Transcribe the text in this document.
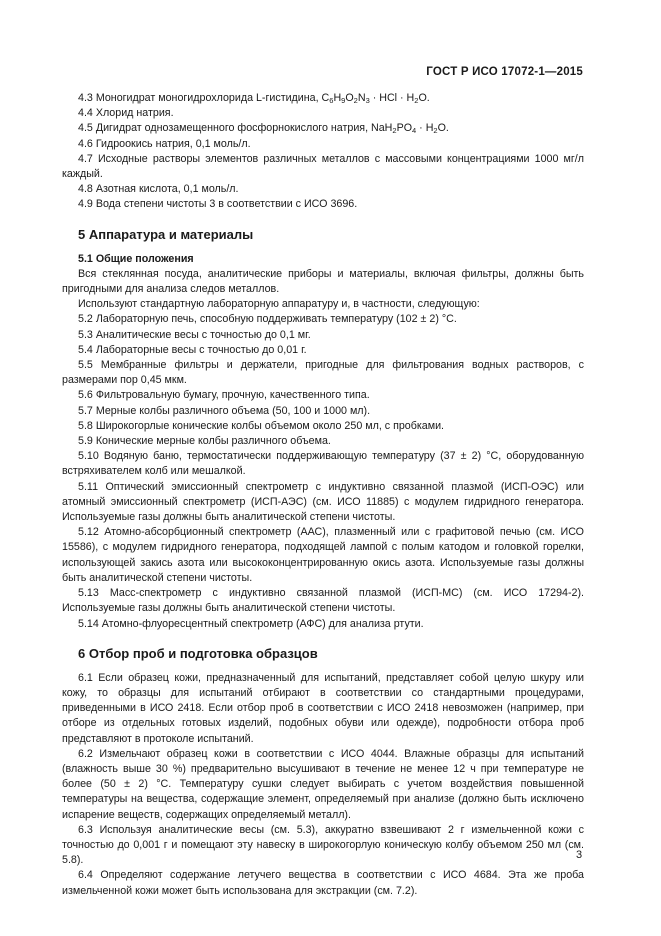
ГОСТ Р ИСО 17072-1—2015

4.3 Моногидрат моногидрохлорида L-гистидина, $C_6H_9O_2N_3$ · HCl · $H_2O$.

4.4 Хлорид натрия.

4.5 Дигидрат однозамещенного фосфорнокислого натрия, $NaH_2PO_4 \cdot H_2O$.

4.6 Гидроокись натрия, 0,1 моль/л.

4.7 Исходные растворы элементов различных металлов с массовыми концентрациями 1000 мг/л каждый.

4.8 Азотная кислота, 0,1 моль/л.

4.9 Вода степени чистоты 3 в соответствии с ИСО 3696.

5 Аппаратура и материалы

5.1 Общие положения

Вся стеклянная посуда, аналитические приборы и материалы, включая фильтры, должны быть пригодными для анализа следов металлов.

Используют стандартную лабораторную аппаратуру и, в частности, следующую:

5.2 Лабораторную печь, способную поддерживать температуру (102 ± 2) °С.

5.3 Аналитические весы с точностью до 0,1 мг.

5.4 Лабораторные весы с точностью до 0,01 г.

5.5 Мембранные фильтры и держатели, пригодные для фильтрования водных растворов, с размерами пор 0,45 мкм.

5.6 Фильтровальную бумагу, прочную, качественного типа.

5.7 Мерные колбы различного объема (50, 100 и 1000 мл).

5.8 Широкогорлые конические колбы объемом около 250 мл, с пробками.

5.9 Конические мерные колбы различного объема.

5.10 Водяную баню, термостатически поддерживающую температуру (37 ± 2) °С, оборудованную встряхивателем колб или мешалкой.

5.11 Оптический эмиссионный спектрометр с индуктивно связанной плазмой (ИСП-ОЭС) или атомный эмиссионный спектрометр (ИСП-АЭС) (см. ИСО 11885) с модулем гидридного генератора. Используемые газы должны быть аналитической степени чистоты.

5.12 Атомно-абсорбционный спектрометр (ААС), плазменный или с графитовой печью (см. ИСО 15586), с модулем гидридного генератора, подходящей лампой с полым катодом и головкой горелки, использующей закись азота или высококонцентрированную окись азота. Используемые газы должны быть аналитической степени чистоты.

5.13 Масс-спектрометр с индуктивно связанной плазмой (ИСП-МС) (см. ИСО 17294-2). Используемые газы должны быть аналитической степени чистоты.

5.14 Атомно-флуоресцентный спектрометр (АФС) для анализа ртути.

6 Отбор проб и подготовка образцов

6.1 Если образец кожи, предназначенный для испытаний, представляет собой целую шкуру или кожу, то образцы для испытаний отбирают в соответствии со стандартными процедурами, приведенными в ИСО 2418. Если отбор проб в соответствии с ИСО 2418 невозможен (например, при отборе из отдельных готовых изделий, подобных обуви или одежде), подробности отбора проб представляют в протоколе испытаний.

6.2 Измельчают образец кожи в соответствии с ИСО 4044. Влажные образцы для испытаний (влажность выше 30 %) предварительно высушивают в течение не менее 12 ч при температуре не более (50 ± 2) °С. Температуру сушки следует выбирать с учетом воздействия повышенной температуры на вещества, содержащие элемент, определяемый при анализе (должно быть исключено испарение веществ, содержащих определяемый металл).

6.3 Используя аналитические весы (см. 5.3), аккуратно взвешивают 2 г измельченной кожи с точностью до 0,001 г и помещают эту навеску в широкогорлую коническую колбу объемом 250 мл (см. 5.8).

6.4 Определяют содержание летучего вещества в соответствии с ИСО 4684. Эта же проба измельченной кожи может быть использована для экстракции (см. 7.2).

3
